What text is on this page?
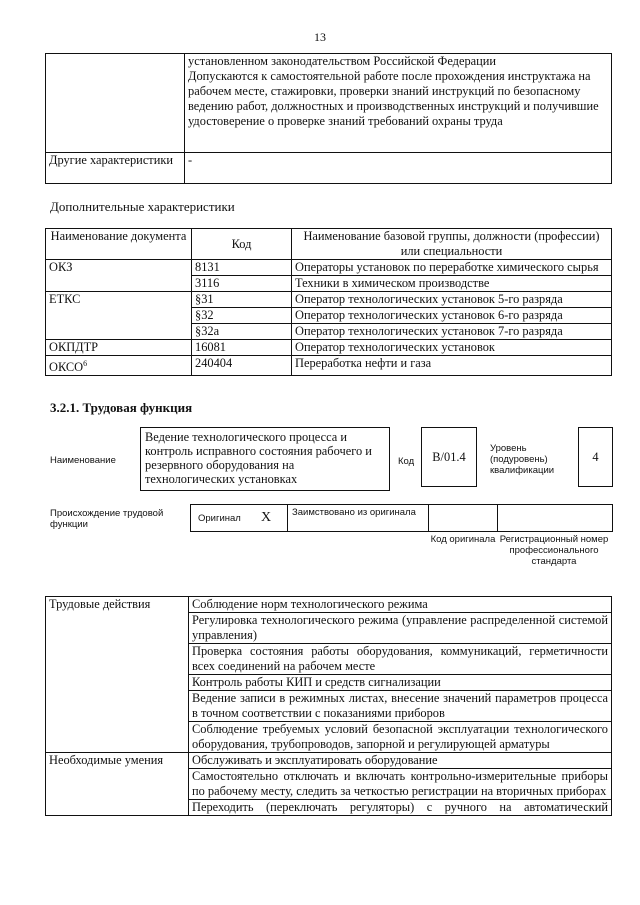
13
	установленном законодательством Российской Федерации
Допускаются к самостоятельной работе после прохождения инструктажа на рабочем месте, стажировки, проверки знаний инструкций по безопасному ведению работ, должностных и производственных инструкций и получившие удостоверение о проверке знаний требований охраны труда
Другие характеристики	-
Дополнительные характеристики
Наименование документа	Код	Наименование базовой группы, должности (профессии) или специальности
ОКЗ	8131	Операторы установок по переработке химического сырья
	3116	Техники в химическом производстве
ЕТКС	§31	Оператор технологических установок 5-го разряда
	§32	Оператор технологических установок 6-го разряда
	§32а	Оператор технологических установок 7-го разряда
ОКПДТР	16081	Оператор технологических установок
ОКСО$^6$	240404	Переработка нефти и газа
3.2.1. Трудовая функция
Наименование
Ведение технологического процесса и контроль исправного состояния рабочего и резервного оборудования на технологических установках
Код	В/01.4
Уровень (подуровень) квалификации
4
Происхождение трудовой функции
Оригинал X Заимствовано из оригинала
Код оригинала Регистрационный номер профессионального стандарта
Трудовые действия	Соблюдение норм технологического режима
	Регулировка технологического режима (управление распределенной системой управления)
	Проверка состояния работы оборудования, коммуникаций, герметичности всех соединений на рабочем месте
	Контроль работы КИП и средств сигнализации
	Ведение записи в режимных листах, внесение значений параметров процесса в точном соответствии с показаниями приборов
	Соблюдение требуемых условий безопасной эксплуатации технологического оборудования, трубопроводов, запорной и регулирующей арматуры
Необходимые умения	Обслуживать и эксплуатировать оборудование
	Самостоятельно отключать и включать контрольно-измерительные приборы по рабочему месту, следить за четкостью регистрации на вторичных приборах
	Переходить (переключать регуляторы) с ручного на автоматический
